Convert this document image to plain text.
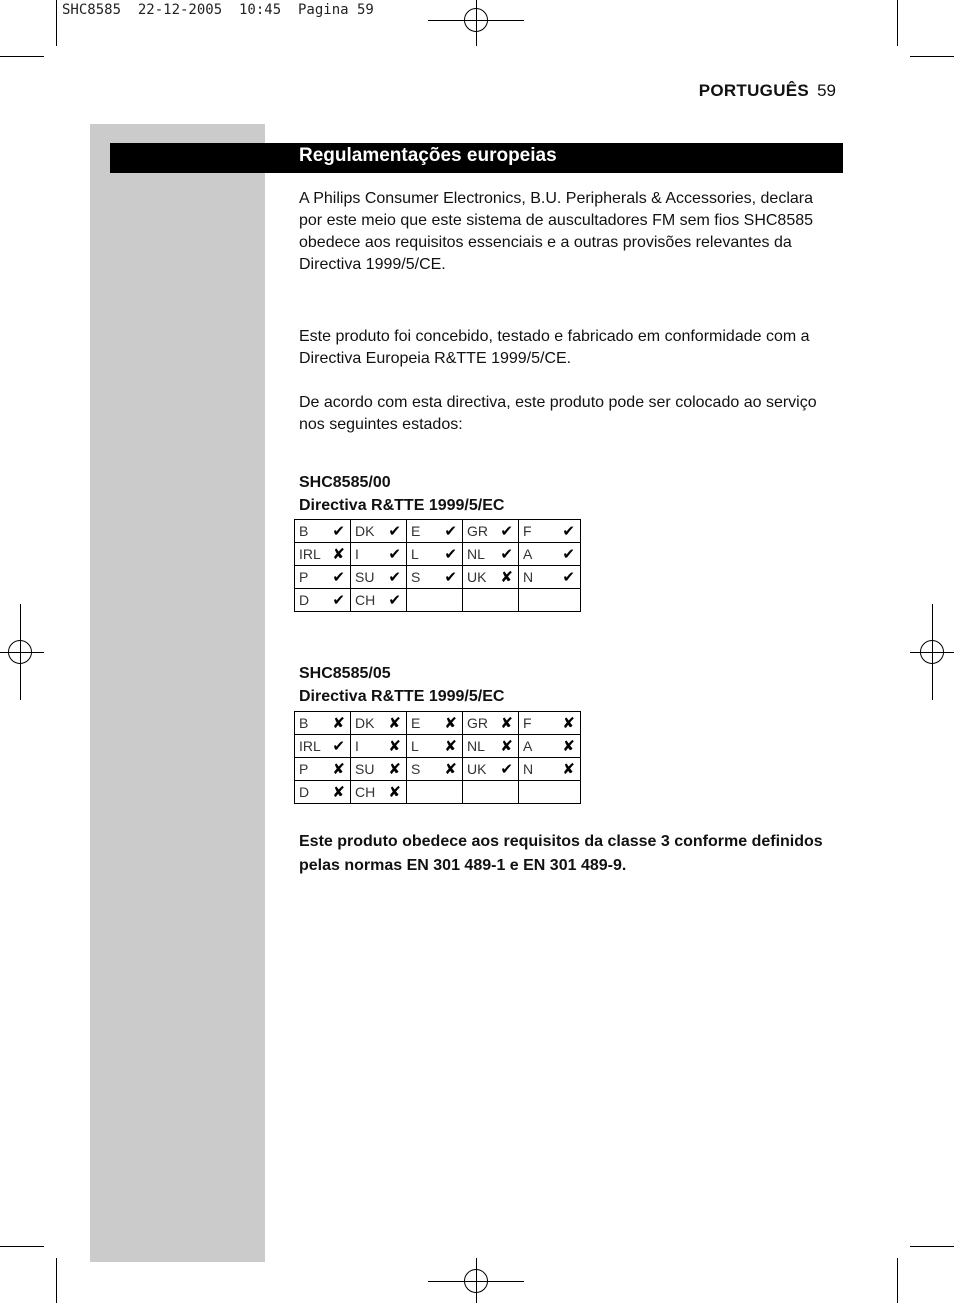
SHC8585  22-12-2005  10:45  Pagina 59
PORTUGUÊS 59
Regulamentações europeias

A Philips Consumer Electronics, B.U. Peripherals & Accessories, declara por este meio que este sistema de auscultadores FM sem fios SHC8585 obedece aos requisitos essenciais e a outras provisões relevantes da Directiva 1999/5/CE.

Este produto foi concebido, testado e fabricado em conformidade com a Directiva Europeia R&TTE 1999/5/CE.

De acordo com esta directiva, este produto pode ser colocado ao serviço nos seguintes estados:

SHC8585/00
Directiva R&TTE 1999/5/EC
SHC8585/05
Directiva R&TTE 1999/5/EC
B ✔	DK ✔	E ✔	GR ✔	F ✔

IRL ✘	I ✔	L ✔	NL ✔	A ✔

P ✔	SU ✔	S ✔	UK ✘	N ✔

D ✔	CH ✔			

B ✘	DK ✘	E ✘	GR ✘	F ✘

IRL ✔	I ✘	L ✘	NL ✘	A ✘

P ✘	SU ✘	S ✘	UK ✔	N ✘

D ✘	CH ✘			

Este produto obedece aos requisitos da classe 3 conforme definidos pelas normas EN 301 489-1 e EN 301 489-9.
